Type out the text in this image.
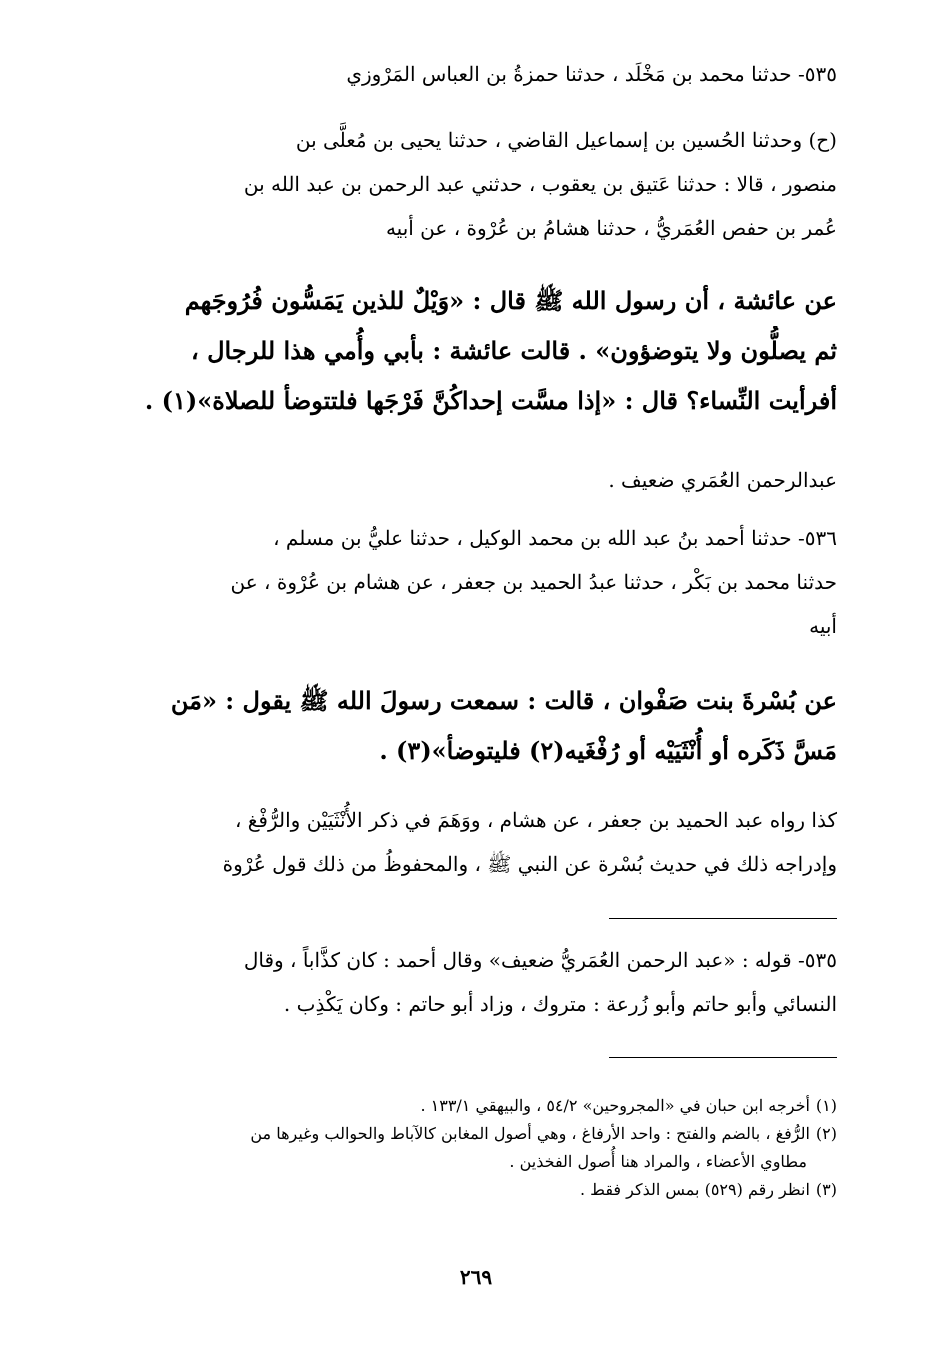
٥٣٥- حدثنا محمد بن مَخْلَد ، حدثنا حمزةُ بن العباس المَرْوزي
(ح) وحدثنا الحُسين بن إسماعيل القاضي ، حدثنا يحيى بن مُعلَّى بن
منصور ، قالا : حدثنا عَتيق بن يعقوب ، حدثني عبد الرحمن بن عبد الله بن
عُمر بن حفص العُمَريُّ ، حدثنا هشامُ بن عُرْوة ، عن أبيه
عن عائشة ، أن رسول الله ﷺ قال : «وَيْلٌ للذين يَمَسُّون فُرُوجَهم
ثم يصلُّون ولا يتوضؤون» . قالت عائشة : بأبي وأُمي هذا للرجال ،
أفرأيت النِّساء؟ قال : «إذا مسَّت إحداكُنَّ فَرْجَها فلتتوضأ للصلاة»(١) .
عبدالرحمن العُمَري ضعيف .
٥٣٦- حدثنا أحمد بنُ عبد الله بن محمد الوكيل ، حدثنا عليُّ بن مسلم ،
حدثنا محمد بن بَكْر ، حدثنا عبدُ الحميد بن جعفر ، عن هشام بن عُرْوة ، عن
أبيه
عن بُسْرةَ بنت صَفْوان ، قالت : سمعت رسولَ الله ﷺ يقول : «مَن
مَسَّ ذَكَره أو أُنْثَيَيْه أو رُفْغَيه(٢) فليتوضأ»(٣) .
كذا رواه عبد الحميد بن جعفر ، عن هشام ، ووَهَمَ في ذكر الأُنْثَيَيْن والرُّفْغ ،
وإدراجه ذلك في حديث بُسْرة عن النبي ﷺ ، والمحفوظُ من ذلك قول عُرْوة
٥٣٥- قوله : «عبد الرحمن العُمَريُّ ضعيف» وقال أحمد : كان كذَّاباً ، وقال
النسائي وأبو حاتم وأبو زُرعة : متروك ، وزاد أبو حاتم : وكان يَكْذِب .
(١)أخرجه ابن حبان في «المجروحين» ٥٤/٢ ، والبيهقي ١٣٣/١ .
(٢)الرُّفغ ، بالضم والفتح : واحد الأرفاغ ، وهي أصول المغابن كالآباط والحوالب وغيرها من
مطاوي الأعضاء ، والمراد هنا أُصول الفخذين .
(٣)انظر رقم (٥٢٩) بمس الذكر فقط .
٢٦٩
